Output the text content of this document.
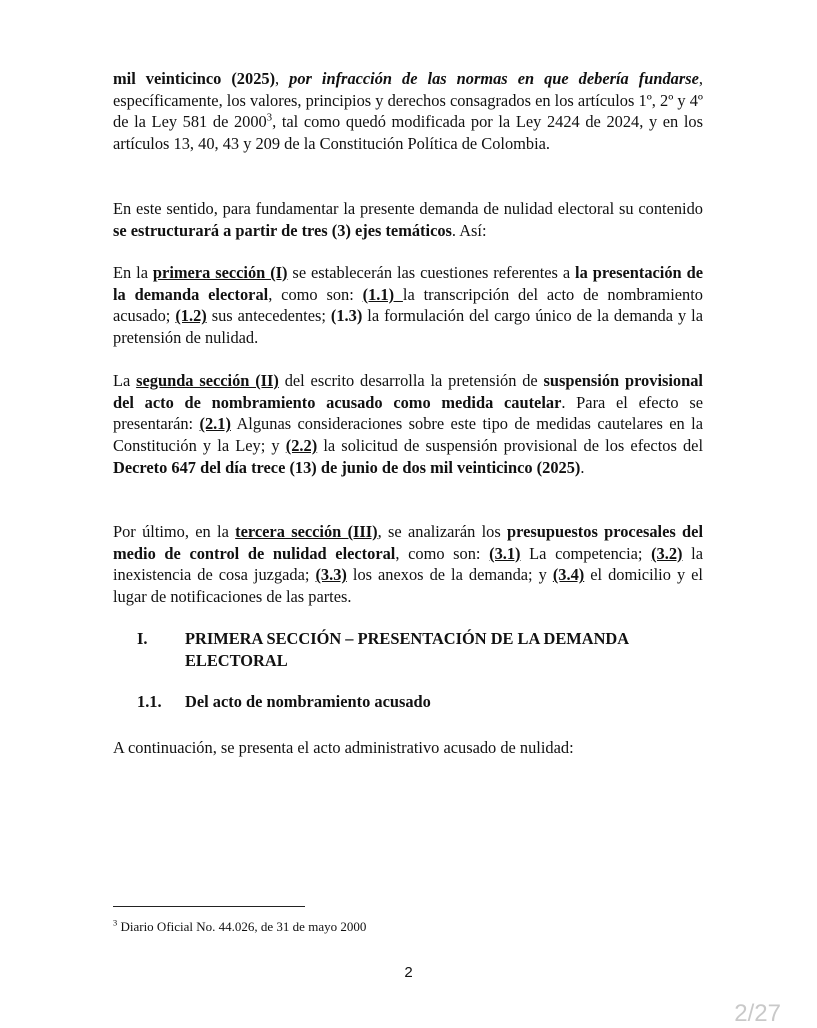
mil veinticinco (2025), por infracción de las normas en que debería fundarse, específicamente, los valores, principios y derechos consagrados en los artículos 1º, 2º y 4º de la Ley 581 de 2000$^3$, tal como quedó modificada por la Ley 2424 de 2024, y en los artículos 13, 40, 43 y 209 de la Constitución Política de Colombia.

En este sentido, para fundamentar la presente demanda de nulidad electoral su contenido se estructurará a partir de tres (3) ejes temáticos. Así:

En la primera sección (I) se establecerán las cuestiones referentes a la presentación de la demanda electoral, como son: (1.1) la transcripción del acto de nombramiento acusado; (1.2) sus antecedentes; (1.3) la formulación del cargo único de la demanda y la pretensión de nulidad.

La segunda sección (II) del escrito desarrolla la pretensión de suspensión provisional del acto de nombramiento acusado como medida cautelar. Para el efecto se presentarán: (2.1) Algunas consideraciones sobre este tipo de medidas cautelares en la Constitución y la Ley; y (2.2) la solicitud de suspensión provisional de los efectos del Decreto 647 del día trece (13) de junio de dos mil veinticinco (2025).

Por último, en la tercera sección (III), se analizarán los presupuestos procesales del medio de control de nulidad electoral, como son: (3.1) La competencia; (3.2) la inexistencia de cosa juzgada; (3.3) los anexos de la demanda; y (3.4) el domicilio y el lugar de notificaciones de las partes.

I. PRIMERA SECCIÓN – PRESENTACIÓN DE LA DEMANDA
ELECTORAL
1.1. Del acto de nombramiento acusado

A continuación, se presenta el acto administrativo acusado de nulidad:

$^3$ Diario Oficial No. 44.026, de 31 de mayo 2000
2
2/27
